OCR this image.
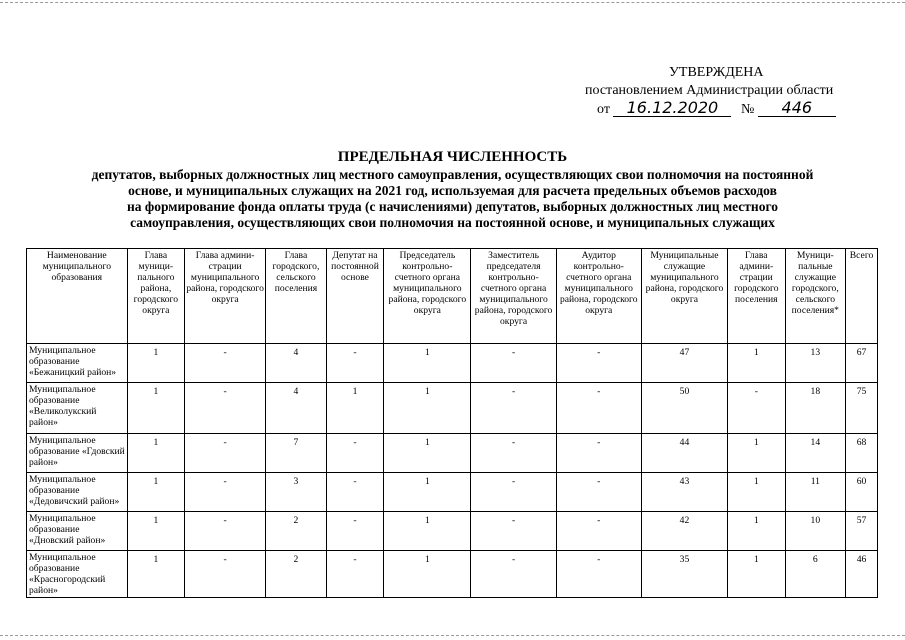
УТВЕРЖДЕНА
постановлением Администрации области
от 16.12.2020 № 446
ПРЕДЕЛЬНАЯ ЧИСЛЕННОСТЬ
депутатов, выборных должностных лиц местного самоуправления, осуществляющих свои полномочия на постоянной
основе, и муниципальных служащих на 2021 год, используемая для расчета предельных объемов расходов
на формирование фонда оплаты труда (с начислениями) депутатов, выборных должностных лиц местного
самоуправления, осуществляющих свои полномочия на постоянной основе, и муниципальных служащих
Наименование муниципального образования	Глава муници-пального района, городского округа	Глава админи-страции муниципального района, городского округа	Глава городского, сельского поселения	Депутат на постоянной основе	Председатель контрольно-счетного органа муниципального района, городского округа	Заместитель председателя контрольно-счетного органа муниципального района, городского округа	Аудитор контрольно-счетного органа муниципального района, городского округа	Муниципальные служащие муниципального района, городского округа	Глава админи-страции городского поселения	Муници-пальные служащие городского, сельского поселения*	Всего
Муниципальное образование «Бежаницкий район»	1	-	4	-	1	-	-	47	1	13	67
Муниципальное образование «Великолукский район»	1	-	4	1	1	-	-	50	-	18	75
Муниципальное образование «Гдовский район»	1	-	7	-	1	-	-	44	1	14	68
Муниципальное образование «Дедовичский район»	1	-	3	-	1	-	-	43	1	11	60
Муниципальное образование «Дновский район»	1	-	2	-	1	-	-	42	1	10	57
Муниципальное образование «Красногородский район»	1	-	2	-	1	-	-	35	1	6	46
